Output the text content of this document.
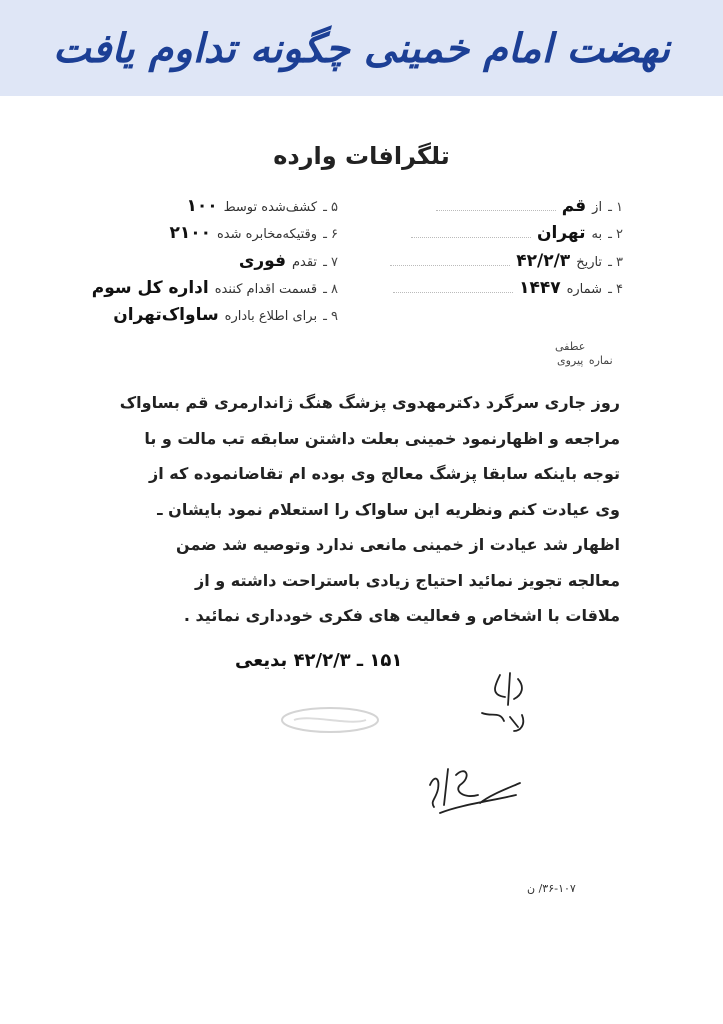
نهضت امام خمینی چگونه تداوم یافت
تلگرافات وارده
۱ ـ
از
قم
۲ ـ
به
تهران
۳ ـ
تاریخ
۴۲/۲/۳
۴ ـ
شماره
۱۴۴۷
۵ ـ
کشف‌شده توسط
۱۰۰
۶ ـ
وقتیکه‌مخابره شده
۲۱۰۰
۷ ـ
تقدم
فوری
۸ ـ
قسمت اقدام کننده
اداره کل سوم
۹ ـ
برای اطلاع باداره
ساواک‌تهران
نماره عطفی
پیروی
روز جاری سرگرد دکترمهدوی پزشگ هنگ ژاندارمری قم بساواک
مراجعه و اظهارنمود خمینی بعلت داشتن سابقه تب مالت و با
توجه باینکه سابقا پزشگ معالج وی بوده ام تقاضانموده که از
وی عیادت کنم ونظریه این ساواک را استعلام نمود بایشان ـ
اظهار شد عیادت از خمینی مانعی ندارد وتوصیه شد ضمن
معالجه تجویز نمائید احتیاج زیادی باستراحت داشته و از
ملاقات با اشخاص و فعالیت های فکری خودداری نمائید .
۱۵۱ ـ ۴۲/۲/۳ بدیعی
۳۶-۱۰۷/ ن
